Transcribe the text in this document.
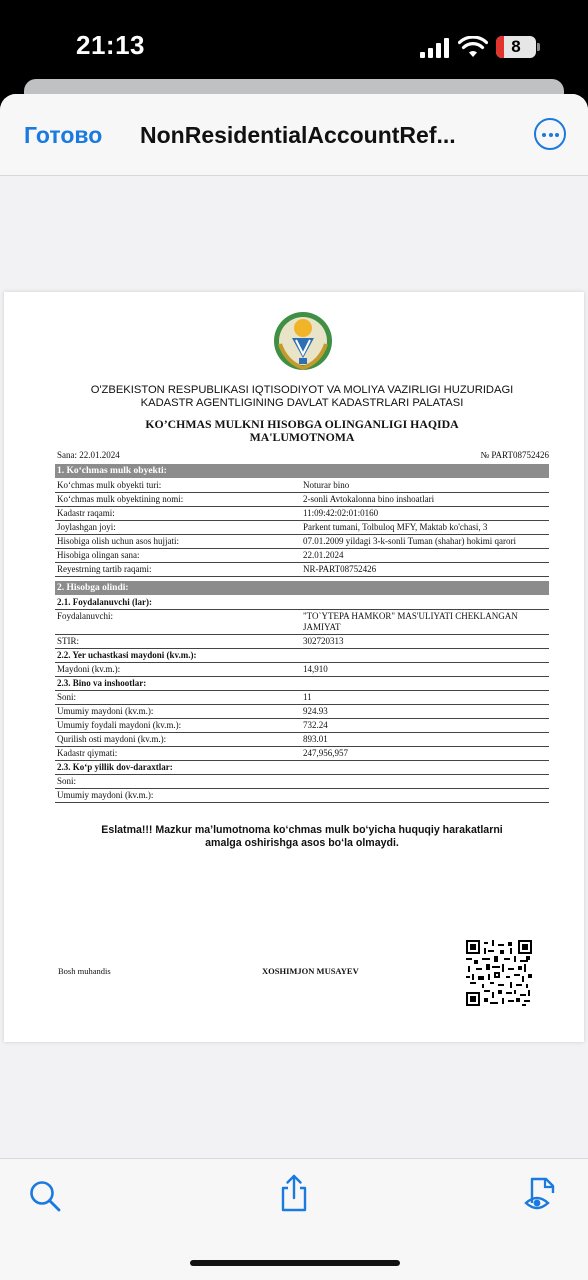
21:13	8
Готово NonResidentialAccountRef...
O'ZBEKISTON RESPUBLIKASI IQTISODIYOT VA MOLIYA VAZIRLIGI HUZURIDAGI
KADASTR AGENTLIGINING DAVLAT KADASTRLARI PALATASI
KO’CHMAS MULKNI HISOBGA OLINGANLIGI HAQIDA
MA'LUMOTNOMA
Sana: 22.01.2024	№ PART08752426
1. Ko‘chmas mulk obyekti:
Ko‘chmas mulk obyekti turi:	Noturar bino
Ko‘chmas mulk obyektining nomi:	2-sonli Avtokalonna bino inshoatlari
Kadastr raqami:	11:09:42:02:01:0160
Joylashgan joyi:	Parkent tumani, Tolbuloq MFY, Maktab ko'chasi, 3
Hisobiga olish uchun asos hujjati:	07.01.2009 yildagi 3-k-sonli Tuman (shahar) hokimi qarori
Hisobiga olingan sana:	22.01.2024
Reyestrning tartib raqami:	NR-PART08752426
2. Hisobga olindi:
2.1. Foydalanuvchi (lar):
Foydalanuvchi:	"TO`YTEPA HAMKOR" MAS'ULIYATI CHEKLANGAN JAMIYAT
STIR:	302720313
2.2. Yer uchastkasi maydoni (kv.m.):
Maydoni (kv.m.):	14,910
2.3. Bino va inshootlar:
Soni:	11
Umumiy maydoni (kv.m.):	924.93
Umumiy foydali maydoni (kv.m.):	732.24
Qurilish osti maydoni (kv.m.):	893.01
Kadastr qiymati:	247,956,957
2.3. Ko‘p yillik dov-daraxtlar:
Soni:
Umumiy maydoni (kv.m.):
Eslatma!!! Mazkur ma’lumotnoma ko‘chmas mulk bo‘yicha huquqiy harakatlarni
amalga oshirishga asos bo‘la olmaydi.
Bosh muhandis	XOSHIMJON MUSAYEV
